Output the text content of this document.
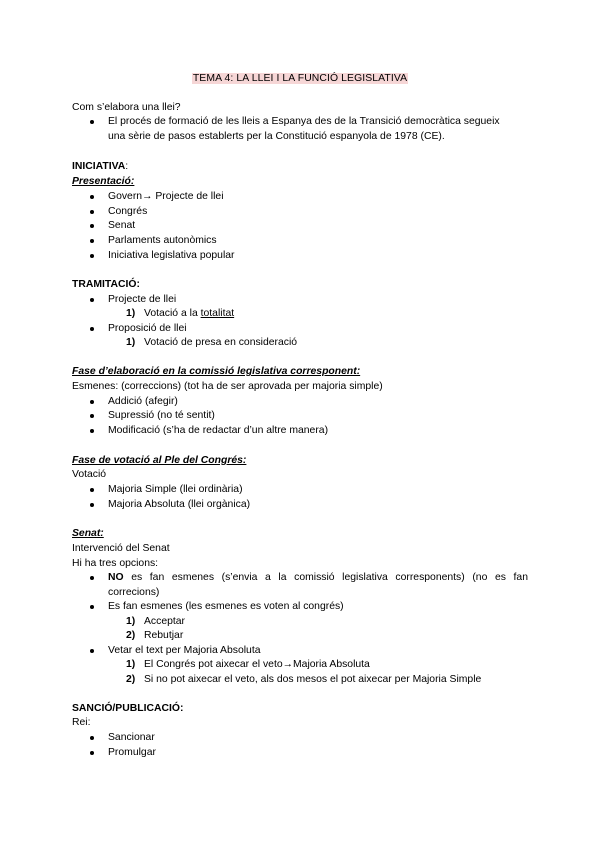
TEMA 4: LA LLEI I LA FUNCIÓ LEGISLATIVA
Com s’elabora una llei?
El procés de formació de les lleis a Espanya des de la Transició democràtica segueix
una sèrie de pasos establerts per la Constitució espanyola de 1978 (CE).
INICIATIVA:
Presentació:
Govern→ Projecte de llei
Congrés
Senat
Parlaments autonòmics
Iniciativa legislativa popular
TRAMITACIÓ:
Projecte de llei
1) Votació a la totalitat
Proposició de llei
1) Votació de presa en consideració
Fase d’elaboració en la comissió legislativa corresponent:
Esmenes: (correccions) (tot ha de ser aprovada per majoria simple)
Addició (afegir)
Supressió (no té sentit)
Modificació (s’ha de redactar d’un altre manera)
Fase de votació al Ple del Congrés:
Votació
Majoria Simple (llei ordinària)
Majoria Absoluta (llei orgànica)
Senat:
Intervenció del Senat
Hi ha tres opcions:
NO es fan esmenes (s’envia a la comissió legislativa corresponents) (no es fan
correcions)
Es fan esmenes (les esmenes es voten al congrés)
1) Acceptar
2) Rebutjar
Vetar el text per Majoria Absoluta
1) El Congrés pot aixecar el veto→Majoria Absoluta
2) Si no pot aixecar el veto, als dos mesos el pot aixecar per Majoria Simple
SANCIÓ/PUBLICACIÓ:
Rei:
Sancionar
Promulgar
